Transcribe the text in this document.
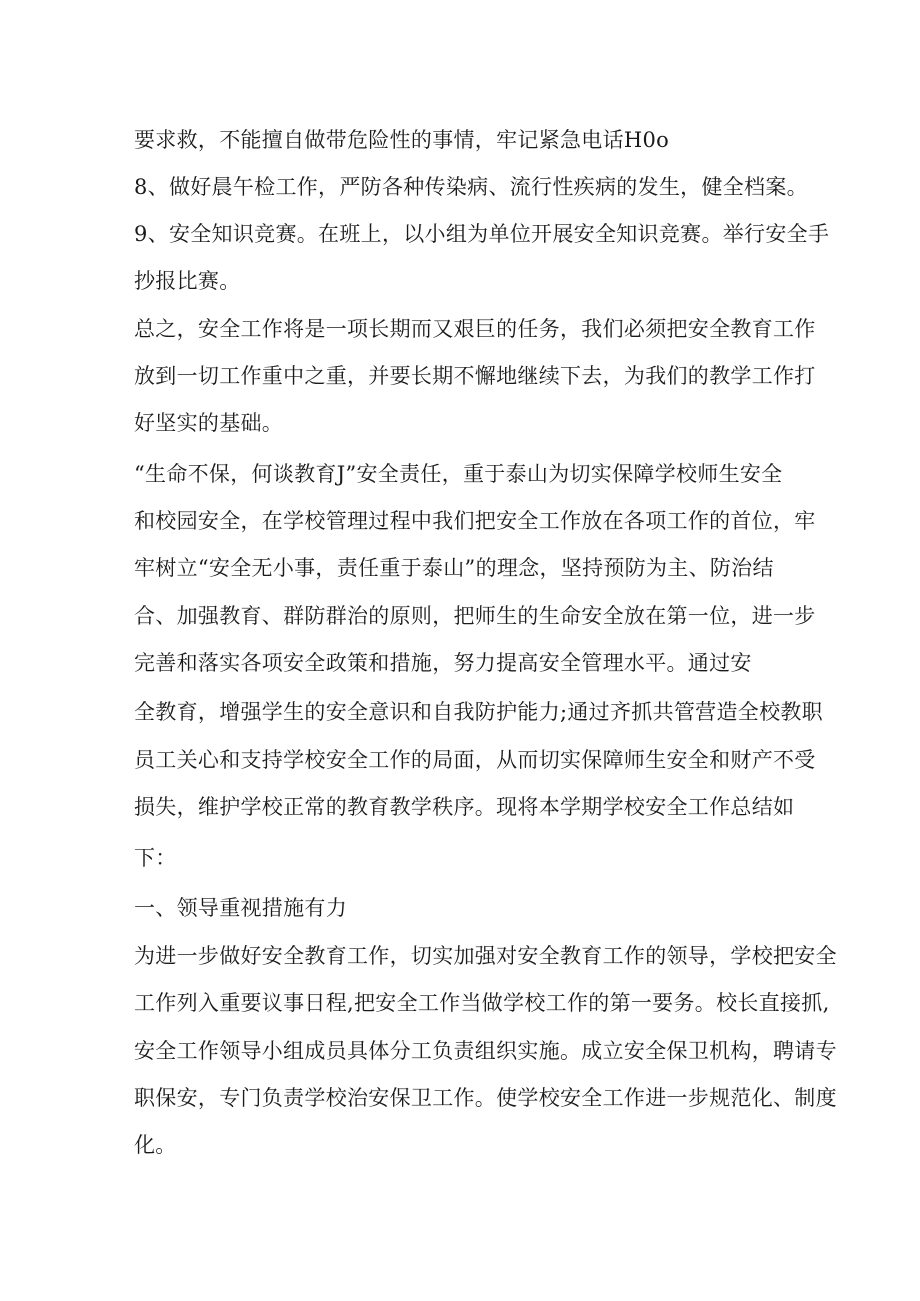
要求救，不能擅自做带危险性的事情，牢记紧急电话H0o
8、做好晨午检工作，严防各种传染病、流行性疾病的发生，健全档案。
9、安全知识竞赛。在班上，以小组为单位开展安全知识竞赛。举行安全手
抄报比赛。
总之，安全工作将是一项长期而又艰巨的任务，我们必须把安全教育工作
放到一切工作重中之重，并要长期不懈地继续下去，为我们的教学工作打
好坚实的基础。
“生命不保，何谈教育J”安全责任，重于泰山为切实保障学校师生安全
和校园安全，在学校管理过程中我们把安全工作放在各项工作的首位，牢
牢树立“安全无小事，责任重于泰山”的理念，坚持预防为主、防治结
合、加强教育、群防群治的原则，把师生的生命安全放在第一位，进一步
完善和落实各项安全政策和措施，努力提高安全管理水平。通过安
全教育，增强学生的安全意识和自我防护能力;通过齐抓共管营造全校教职
员工关心和支持学校安全工作的局面，从而切实保障师生安全和财产不受
损失，维护学校正常的教育教学秩序。现将本学期学校安全工作总结如
下：
一、领导重视措施有力
为进一步做好安全教育工作，切实加强对安全教育工作的领导，学校把安全
工作列入重要议事日程,把安全工作当做学校工作的第一要务。校长直接抓,
安全工作领导小组成员具体分工负责组织实施。成立安全保卫机构，聘请专
职保安，专门负责学校治安保卫工作。使学校安全工作进一步规范化、制度
化。
